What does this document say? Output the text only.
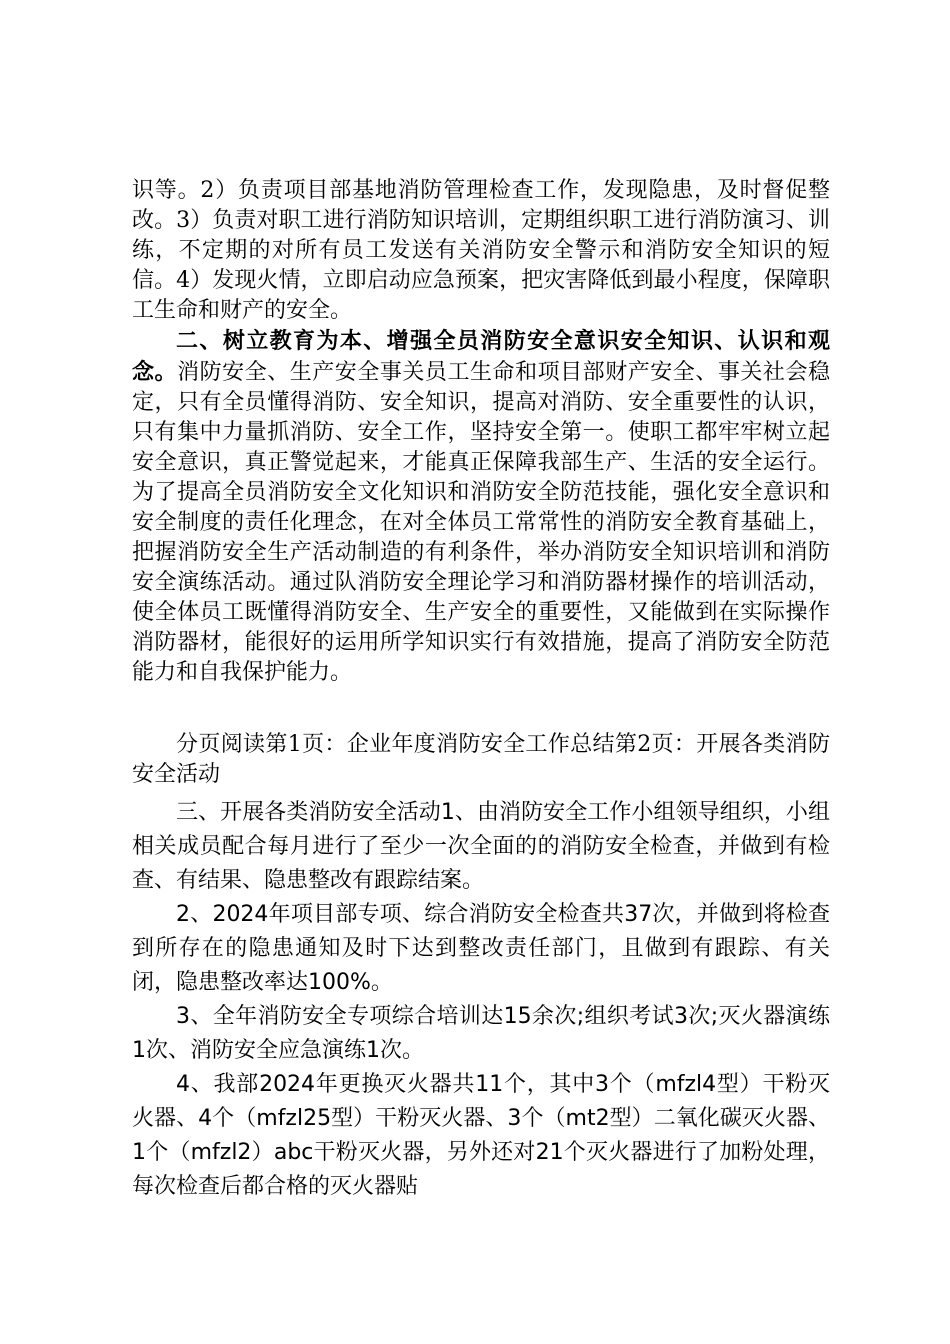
识等。2）负责项目部基地消防管理检查工作，发现隐患，及时督促整改。3）负责对职工进行消防知识培训，定期组织职工进行消防演习、训练，不定期的对所有员工发送有关消防安全警示和消防安全知识的短信。4）发现火情，立即启动应急预案，把灾害降低到最小程度，保障职工生命和财产的安全。

二、树立教育为本、增强全员消防安全意识安全知识、认识和观念。消防安全、生产安全事关员工生命和项目部财产安全、事关社会稳定，只有全员懂得消防、安全知识，提高对消防、安全重要性的认识，只有集中力量抓消防、安全工作，坚持安全第一。使职工都牢牢树立起安全意识，真正警觉起来，才能真正保障我部生产、生活的安全运行。为了提高全员消防安全文化知识和消防安全防范技能，强化安全意识和安全制度的责任化理念，在对全体员工常常性的消防安全教育基础上，把握消防安全生产活动制造的有利条件，举办消防安全知识培训和消防安全演练活动。通过队消防安全理论学习和消防器材操作的培训活动，使全体员工既懂得消防安全、生产安全的重要性，又能做到在实际操作消防器材，能很好的运用所学知识实行有效措施，提高了消防安全防范能力和自我保护能力。

分页阅读第1页：企业年度消防安全工作总结第2页：开展各类消防安全活动

三、开展各类消防安全活动1、由消防安全工作小组领导组织，小组相关成员配合每月进行了至少一次全面的的消防安全检查，并做到有检查、有结果、隐患整改有跟踪结案。

2、2024年项目部专项、综合消防安全检查共37次，并做到将检查到所存在的隐患通知及时下达到整改责任部门，且做到有跟踪、有关闭，隐患整改率达100%。

3、全年消防安全专项综合培训达15余次;组织考试3次;灭火器演练1次、消防安全应急演练1次。

4、我部2024年更换灭火器共11个，其中3个（mfzl4型）干粉灭火器、4个（mfzl25型）干粉灭火器、3个（mt2型）二氧化碳灭火器、1个（mfzl2）abc干粉灭火器，另外还对21个灭火器进行了加粉处理，每次检查后都合格的灭火器贴
